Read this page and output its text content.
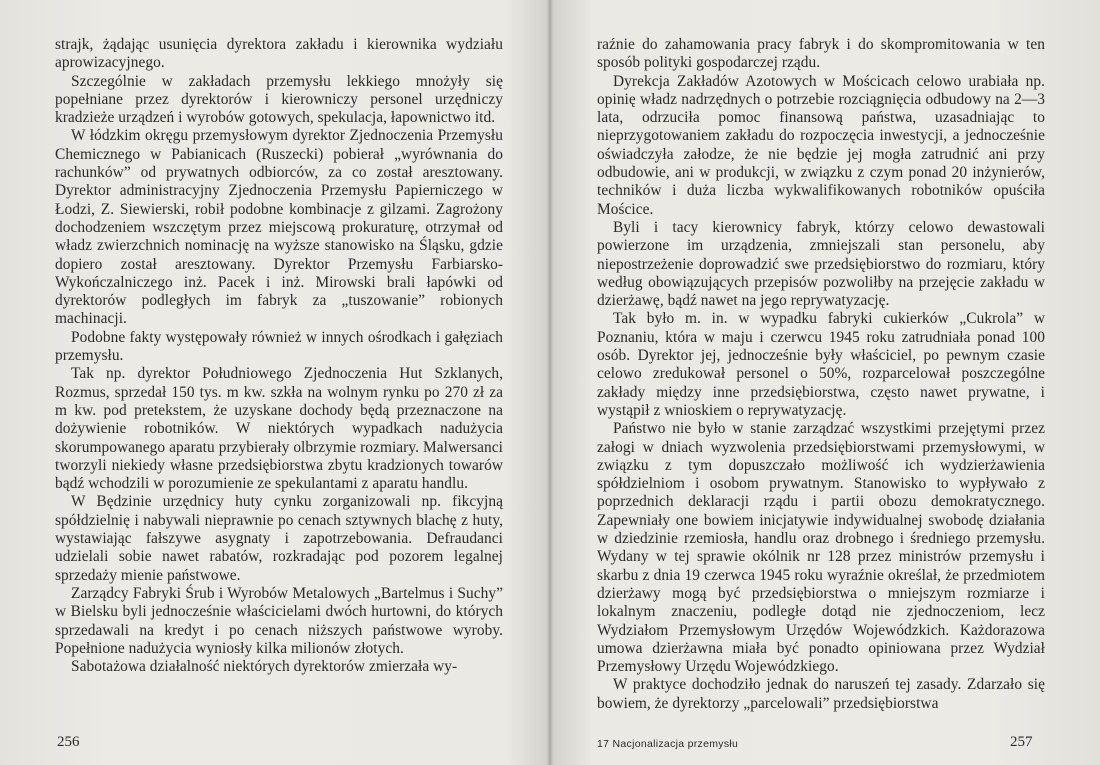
strajk, żądając usunięcia dyrektora zakładu i kierownika wydziału aprowizacyjnego.

Szczególnie w zakładach przemysłu lekkiego mnożyły się popełniane przez dyrektorów i kierowniczy personel urzędniczy kradzieże urządzeń i wyrobów gotowych, spekulacja, łapownictwo itd.

W łódzkim okręgu przemysłowym dyrektor Zjednoczenia Przemysłu Chemicznego w Pabianicach (Ruszecki) pobierał „wyrównania do rachunków” od prywatnych odbiorców, za co został aresztowany. Dyrektor administracyjny Zjednoczenia Przemysłu Papierniczego w Łodzi, Z. Siewierski, robił podobne kombinacje z gilzami. Zagrożony dochodzeniem wszczętym przez miejscową prokuraturę, otrzymał od władz zwierzchnich nominację na wyższe stanowisko na Śląsku, gdzie dopiero został aresztowany. Dyrektor Przemysłu Farbiarsko-Wykończalniczego inż. Pacek i inż. Mirowski brali łapówki od dyrektorów podległych im fabryk za „tuszowanie” robionych machinacji.

Podobne fakty występowały również w innych ośrodkach i gałęziach przemysłu.

Tak np. dyrektor Południowego Zjednoczenia Hut Szklanych, Rozmus, sprzedał 150 tys. m kw. szkła na wolnym rynku po 270 zł za m kw. pod pretekstem, że uzyskane dochody będą przeznaczone na dożywienie robotników. W niektórych wypadkach nadużycia skorumpowanego aparatu przybierały olbrzymie rozmiary. Malwersanci tworzyli niekiedy własne przedsiębiorstwa zbytu kradzionych towarów bądź wchodzili w porozumienie ze spekulantami z aparatu handlu.

W Będzinie urzędnicy huty cynku zorganizowali np. fikcyjną spółdzielnię i nabywali nieprawnie po cenach sztywnych blachę z huty, wystawiając fałszywe asygnaty i zapotrzebowania. Defraudanci udzielali sobie nawet rabatów, rozkradając pod pozorem legalnej sprzedaży mienie państwowe.

Zarządcy Fabryki Śrub i Wyrobów Metalowych „Bartelmus i Suchy” w Bielsku byli jednocześnie właścicielami dwóch hurtowni, do których sprzedawali na kredyt i po cenach niższych państwowe wyroby. Popełnione nadużycia wyniosły kilka milionów złotych.

Sabotażowa działalność niektórych dyrektorów zmierzała wy-

raźnie do zahamowania pracy fabryk i do skompromitowania w ten sposób polityki gospodarczej rządu.

Dyrekcja Zakładów Azotowych w Mościcach celowo urabiała np. opinię władz nadrzędnych o potrzebie rozciągnięcia odbudowy na 2—3 lata, odrzuciła pomoc finansową państwa, uzasadniając to nieprzygotowaniem zakładu do rozpoczęcia inwestycji, a jednocześnie oświadczyła załodze, że nie będzie jej mogła zatrudnić ani przy odbudowie, ani w produkcji, w związku z czym ponad 20 inżynierów, techników i duża liczba wykwalifikowanych robotników opuściła Mościce.

Byli i tacy kierownicy fabryk, którzy celowo dewastowali powierzone im urządzenia, zmniejszali stan personelu, aby niepostrzeżenie doprowadzić swe przedsiębiorstwo do rozmiaru, który według obowiązujących przepisów pozwoliłby na przejęcie zakładu w dzierżawę, bądź nawet na jego reprywatyzację.

Tak było m. in. w wypadku fabryki cukierków „Cukrola” w Poznaniu, która w maju i czerwcu 1945 roku zatrudniała ponad 100 osób. Dyrektor jej, jednocześnie były właściciel, po pewnym czasie celowo zredukował personel o 50%, rozparcelował poszczególne zakłady między inne przedsiębiorstwa, często nawet prywatne, i wystąpił z wnioskiem o reprywatyzację.

Państwo nie było w stanie zarządzać wszystkimi przejętymi przez załogi w dniach wyzwolenia przedsiębiorstwami przemysłowymi, w związku z tym dopuszczało możliwość ich wydzierżawienia spółdzielniom i osobom prywatnym. Stanowisko to wypływało z poprzednich deklaracji rządu i partii obozu demokratycznego. Zapewniały one bowiem inicjatywie indywidualnej swobodę działania w dziedzinie rzemiosła, handlu oraz drobnego i średniego przemysłu. Wydany w tej sprawie okólnik nr 128 przez ministrów przemysłu i skarbu z dnia 19 czerwca 1945 roku wyraźnie określał, że przedmiotem dzierżawy mogą być przedsiębiorstwa o mniejszym rozmiarze i lokalnym znaczeniu, podległe dotąd nie zjednoczeniom, lecz Wydziałom Przemysłowym Urzędów Wojewódzkich. Każdorazowa umowa dzierżawna miała być ponadto opiniowana przez Wydział Przemysłowy Urzędu Wojewódzkiego.

W praktyce dochodziło jednak do naruszeń tej zasady. Zdarzało się bowiem, że dyrektorzy „parcelowali” przedsiębiorstwa

256	17 Nacjonalizacja przemysłu	257
